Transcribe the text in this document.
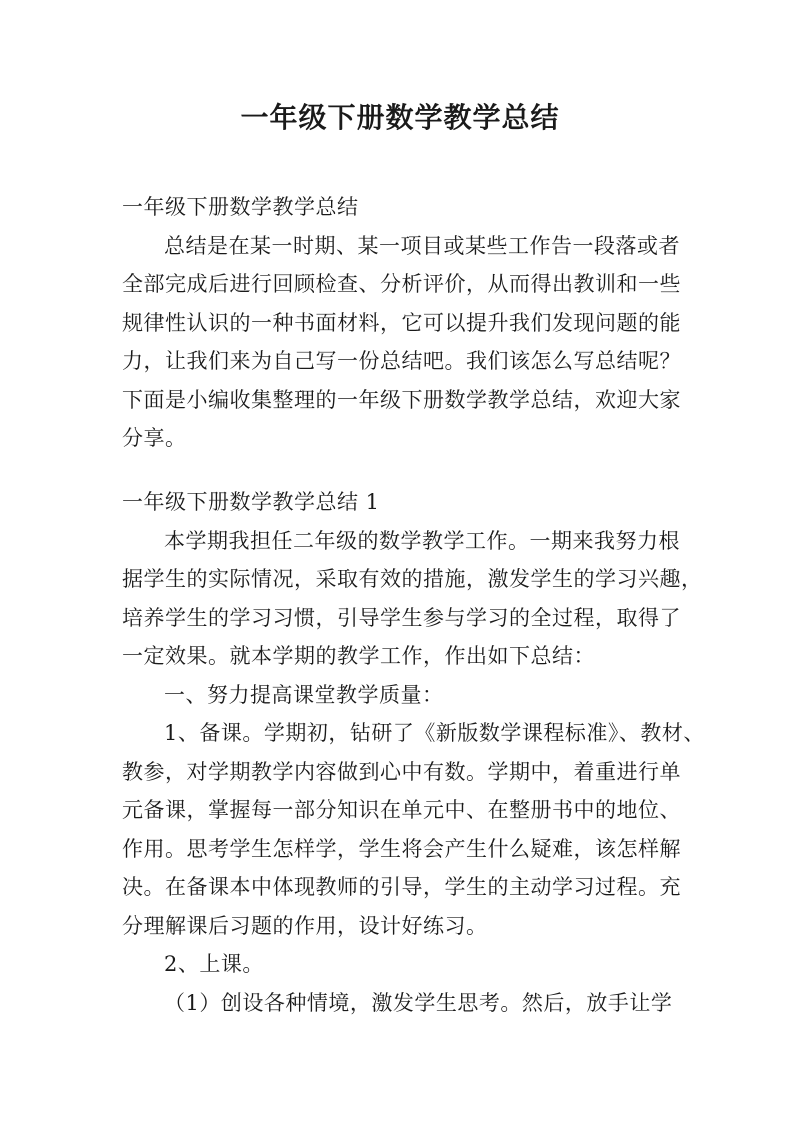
一年级下册数学教学总结
一年级下册数学教学总结
总结是在某一时期、某一项目或某些工作告一段落或者
全部完成后进行回顾检查、分析评价，从而得出教训和一些
规律性认识的一种书面材料，它可以提升我们发现问题的能
力，让我们来为自己写一份总结吧。我们该怎么写总结呢？
下面是小编收集整理的一年级下册数学教学总结，欢迎大家
分享。
一年级下册数学教学总结 1
本学期我担任二年级的数学教学工作。一期来我努力根
据学生的实际情况，采取有效的措施，激发学生的学习兴趣，
培养学生的学习习惯，引导学生参与学习的全过程，取得了
一定效果。就本学期的教学工作，作出如下总结：
一、努力提高课堂教学质量：
1、备课。学期初，钻研了《新版数学课程标准》、教材、
教参，对学期教学内容做到心中有数。学期中，着重进行单
元备课，掌握每一部分知识在单元中、在整册书中的地位、
作用。思考学生怎样学，学生将会产生什么疑难，该怎样解
决。在备课本中体现教师的引导，学生的主动学习过程。充
分理解课后习题的作用，设计好练习。
2、上课。
（1）创设各种情境，激发学生思考。然后，放手让学
